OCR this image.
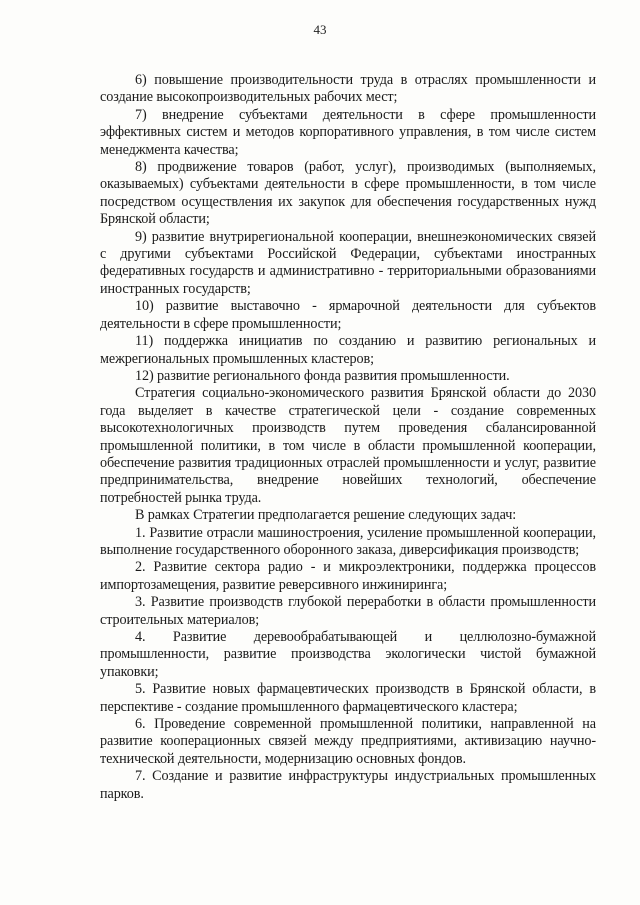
43

6) повышение производительности труда в отраслях промышленности и создание высокопроизводительных рабочих мест;

7) внедрение субъектами деятельности в сфере промышленности эффективных систем и методов корпоративного управления, в том числе систем менеджмента качества;

8) продвижение товаров (работ, услуг), производимых (выполняемых, оказываемых) субъектами деятельности в сфере промышленности, в том числе посредством осуществления их закупок для обеспечения государственных нужд Брянской области;

9) развитие внутрирегиональной кооперации, внешнеэкономических связей с другими субъектами Российской Федерации, субъектами иностранных федеративных государств и административно - территориальными образованиями иностранных государств;

10) развитие выставочно - ярмарочной деятельности для субъектов деятельности в сфере промышленности;

11) поддержка инициатив по созданию и развитию региональных и межрегиональных промышленных кластеров;

12) развитие регионального фонда развития промышленности.

Стратегия социально-экономического развития Брянской области до 2030 года выделяет в качестве стратегической цели - создание современных высокотехнологичных производств путем проведения сбалансированной промышленной политики, в том числе в области промышленной кооперации, обеспечение развития традиционных отраслей промышленности и услуг, развитие предпринимательства, внедрение новейших технологий, обеспечение потребностей рынка труда.

В рамках Стратегии предполагается решение следующих задач:

1. Развитие отрасли машиностроения, усиление промышленной кооперации, выполнение государственного оборонного заказа, диверсификация производств;

2. Развитие сектора радио - и микроэлектроники, поддержка процессов импортозамещения, развитие реверсивного инжиниринга;

3. Развитие производств глубокой переработки в области промышленности строительных материалов;

4. Развитие деревообрабатывающей и целлюлозно-бумажной промышленности, развитие производства экологически чистой бумажной упаковки;

5. Развитие новых фармацевтических производств в Брянской области, в перспективе - создание промышленного фармацевтического кластера;

6. Проведение современной промышленной политики, направленной на развитие кооперационных связей между предприятиями, активизацию научно-технической деятельности, модернизацию основных фондов.

7. Создание и развитие инфраструктуры индустриальных промышленных парков.
